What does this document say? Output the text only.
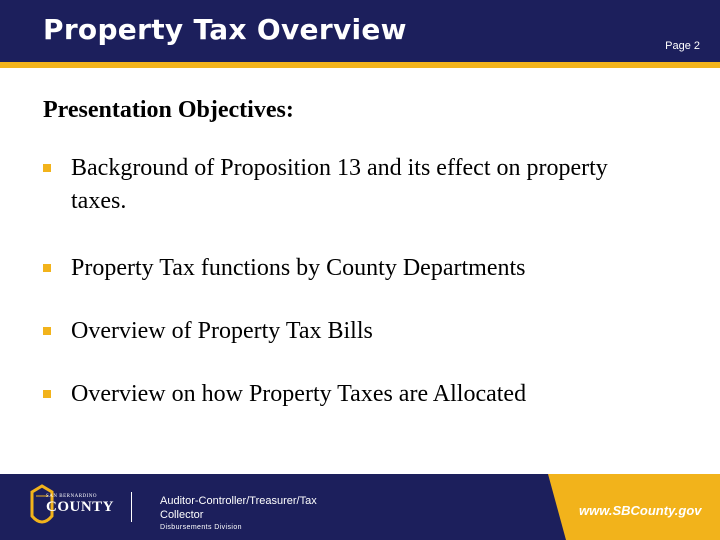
Property Tax Overview	Page 2
Presentation Objectives:
Background of Proposition 13 and its effect on property taxes.
Property Tax functions by County Departments
Overview of Property Tax Bills
Overview on how Property Taxes are Allocated
SAN BERNARDINO
COUNTY	Auditor-Controller/Treasurer/Tax Collector
Disbursements Division
www.SBCounty.gov
